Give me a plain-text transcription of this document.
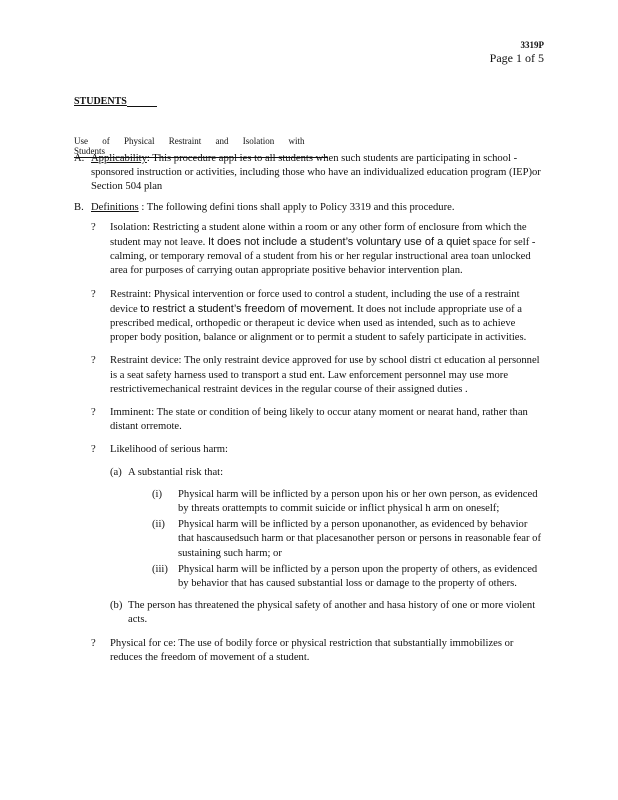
3319P
Page 1 of 5
STUDENTS
Use of Physical Restraint and Isolation with Students
A. Applicability: This procedure appl ies to all students when such students are participating in school -sponsored instruction or activities, including those who have an individualized education program (IEP)or Section 504 plan
B. Definitions : The following defini tions shall apply to Policy 3319 and this procedure.
? Isolation: Restricting a student alone within a room or any other form of enclosure from which the student may not leave. It does not include a student’s voluntary use of a quiet space for self -calming, or temporary removal of a student from his or her regular instructional area toan unlocked area for purposes of carrying outan appropriate positive behavior intervention plan.
? Restraint: Physical intervention or force used to control a student, including the use of a restraint device to restrict a student’s freedom of movement. It does not include appropriate use of a prescribed medical, orthopedic or therapeut ic device when used as intended, such as to achieve proper body position, balance or alignment or to permit a student to safely participate in activities.
? Restraint device: The only restraint device approved for use by school distri ct education al personnel is a seat safety harness used to transport a stud ent. Law enforcement personnel may use more restrictivemechanical restraint devices in the regular course of their assigned duties .
? Imminent: The state or condition of being likely to occur atany moment or nearat hand, rather than distant orremote.
? Likelihood of serious harm:
(a) A substantial risk that:
(i) Physical harm will be inflicted by a person upon his or her own person, as evidenced by threats orattempts to commit suicide or inflict physical h arm on oneself;
(ii) Physical harm will be inflicted by a person uponanother, as evidenced by behavior that hascausedsuch harm or that placesanother person or persons in reasonable fear of sustaining such harm; or
(iii) Physical harm will be inflicted by a person upon the property of others, as evidenced by behavior that has caused substantial loss or damage to the property of others.
(b) The person has threatened the physical safety of another and hasa history of one or more violent acts.
? Physical for ce: The use of bodily force or physical restriction that substantially immobilizes or reduces the freedom of movement of a student.
